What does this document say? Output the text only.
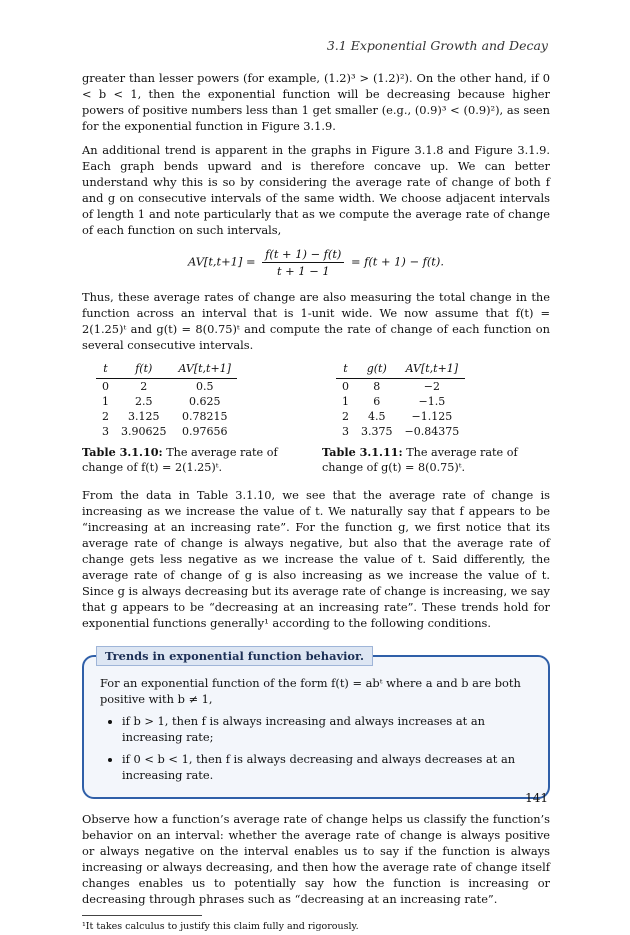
3.1 Exponential Growth and Decay

greater than lesser powers (for example, (1.2)³ > (1.2)²). On the other hand, if 0 < b < 1, then the exponential function will be decreasing because higher powers of positive numbers less than 1 get smaller (e.g., (0.9)³ < (0.9)²), as seen for the exponential function in Figure 3.1.9.

An additional trend is apparent in the graphs in Figure 3.1.8 and Figure 3.1.9. Each graph bends upward and is therefore concave up. We can better understand why this is so by considering the average rate of change of both f and g on consecutive intervals of the same width. We choose adjacent intervals of length 1 and note particularly that as we compute the average rate of change of each function on such intervals,

$AV[t,t+1] = \frac{f(t + 1) - f(t)}{t + 1 - 1} = f(t + 1) - f(t)$.

Thus, these average rates of change are also measuring the total change in the function across an interval that is 1-unit wide. We now assume that f(t) = 2(1.25)ᵗ and g(t) = 8(0.75)ᵗ and compute the rate of change of each function on several consecutive intervals.

t	f(t)	AV[t,t+1]
0	2	0.5
1	2.5	0.625
2	3.125	0.78215
3	3.90625	0.97656
Table 3.1.10: The average rate of change of f(t) = 2(1.25)ᵗ.
t	g(t)	AV[t,t+1]
0	8	−2
1	6	−1.5
2	4.5	−1.125
3	3.375	−0.84375
Table 3.1.11: The average rate of change of g(t) = 8(0.75)ᵗ.

From the data in Table 3.1.10, we see that the average rate of change is increasing as we increase the value of t. We naturally say that f appears to be “increasing at an increasing rate”. For the function g, we first notice that its average rate of change is always negative, but also that the average rate of change gets less negative as we increase the value of t. Said differently, the average rate of change of g is also increasing as we increase the value of t. Since g is always decreasing but its average rate of change is increasing, we say that g appears to be “decreasing at an increasing rate”. These trends hold for exponential functions generally¹ according to the following conditions.

Trends in exponential function behavior.
For an exponential function of the form f(t) = abᵗ where a and b are both positive with b ≠ 1,
• if b > 1, then f is always increasing and always increases at an increasing rate;
• if 0 < b < 1, then f is always decreasing and always decreases at an increasing rate.

Observe how a function’s average rate of change helps us classify the function’s behavior on an interval: whether the average rate of change is always positive or always negative on the interval enables us to say if the function is always increasing or always decreasing, and then how the average rate of change itself changes enables us to potentially say how the function is increasing or decreasing through phrases such as “decreasing at an increasing rate”.

¹It takes calculus to justify this claim fully and rigorously.
141
